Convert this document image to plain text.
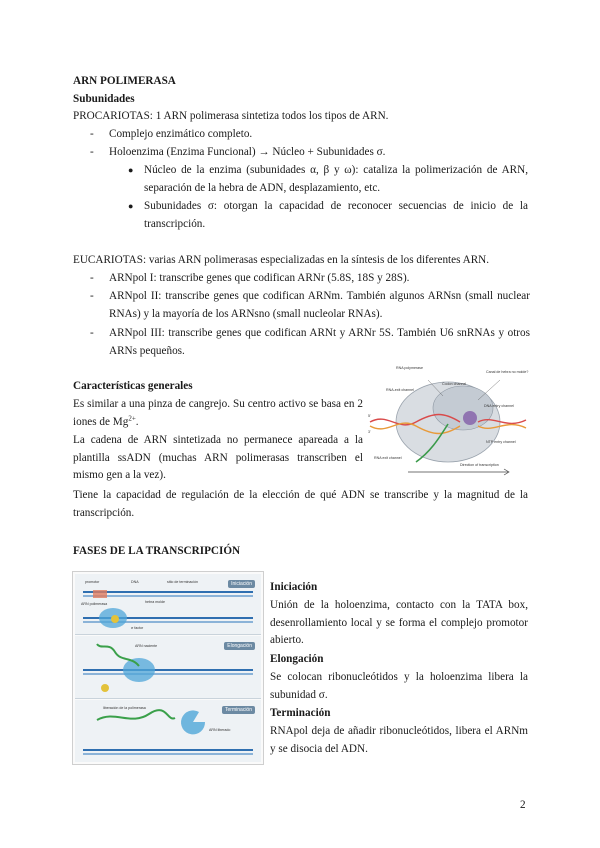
ARN POLIMERASA
Subunidades
PROCARIOTAS: 1 ARN polimerasa sintetiza todos los tipos de ARN.
- Complejo enzimático completo.
- Holoenzima (Enzima Funcional) → Núcleo + Subunidades σ.
● Núcleo de la enzima (subunidades α, β y ω): cataliza la polimerización de ARN, separación de la hebra de ADN, desplazamiento, etc.
● Subunidades σ: otorgan la capacidad de reconocer secuencias de inicio de la transcripción.
EUCARIOTAS: varias ARN polimerasas especializadas en la síntesis de los diferentes ARN.
- ARNpol I: transcribe genes que codifican ARNr (5.8S, 18S y 28S).
- ARNpol II: transcribe genes que codifican ARNm. También algunos ARNsn (small nuclear RNAs) y la mayoría de los ARNsno (small nucleolar RNAs).
- ARNpol III: transcribe genes que codifican ARNt y ARNr 5S. También U6 snRNAs y otros ARNs pequeños.
Características generales
Es similar a una pinza de cangrejo. Su centro activo se basa en 2 iones de $Mg^{2+}$.
La cadena de ARN sintetizada no permanece apareada a la plantilla ssADN (muchas ARN polimerasas transcriben el mismo gen a la vez).
Tiene la capacidad de regulación de la elección de qué ADN se transcribe y la magnitud de la transcripción.
Canal de hebra no molde?
RNA polymerase
RNA-exit channel
Codon channel
DNA entry channel
NTP entry channel
RNA exit channel
Direction of transcription
5'
3'
FASES DE LA TRANSCRIPCIÓN
Iniciación
promotor	DNA	sitio de terminación
ARN polimerasa	hebra molde
σ factor
Elongación
ARN naciente
Terminación
liberación de la polimerasa
ARN liberado
Iniciación
Unión de la holoenzima, contacto con la TATA box, desenrollamiento local y se forma el complejo promotor abierto.
Elongación
Se colocan ribonucleótidos y la holoenzima libera la subunidad σ.
Terminación
RNApol deja de añadir ribonucleótidos, libera el ARNm y se disocia del ADN.
2
